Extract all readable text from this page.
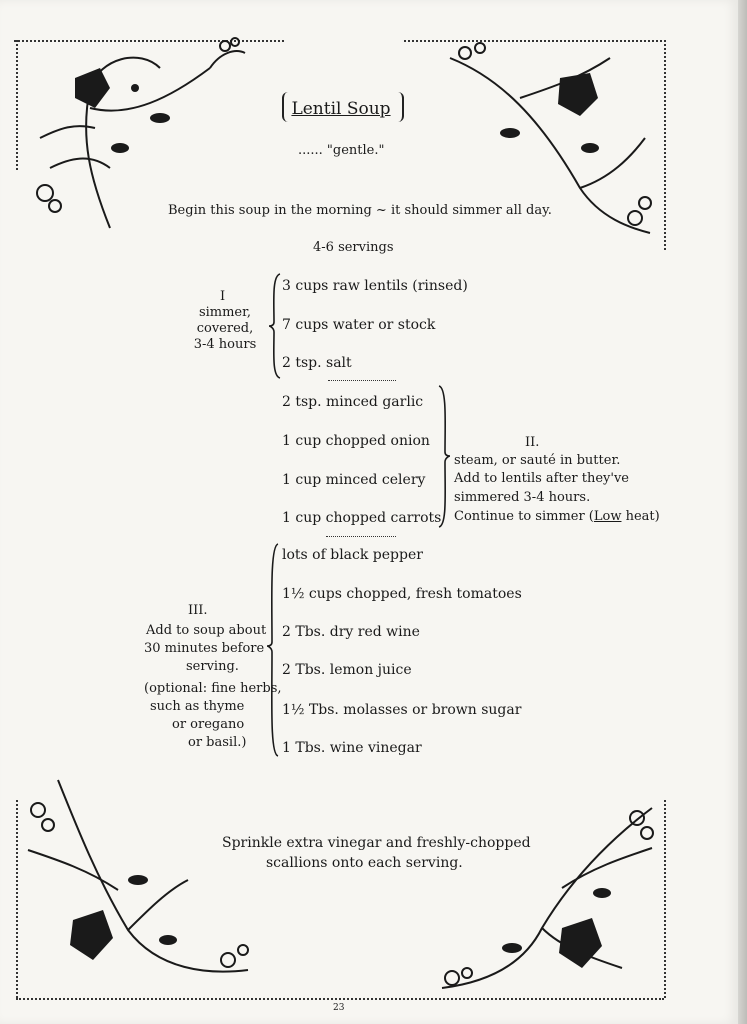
Lentil Soup
...... "gentle."
Begin this soup in the morning ~ it should simmer all day.
4-6 servings
I
simmer,
covered,
3-4 hours
3 cups raw lentils (rinsed)
7 cups water or stock
2 tsp. salt
2 tsp. minced garlic
1 cup chopped onion
1 cup minced celery
1 cup chopped carrots
II.
steam, or sauté in butter.
Add to lentils after they've
simmered 3-4 hours.
Continue to simmer (Low heat)
III.
Add to soup about
30 minutes before
serving.
(optional: fine herbs,
such as thyme
or oregano
or basil.)
lots of black pepper
1½ cups chopped, fresh tomatoes
2 Tbs. dry red wine
2 Tbs. lemon juice
1½ Tbs. molasses or brown sugar
1 Tbs. wine vinegar
Sprinkle extra vinegar and freshly-chopped
scallions onto each serving.
23
